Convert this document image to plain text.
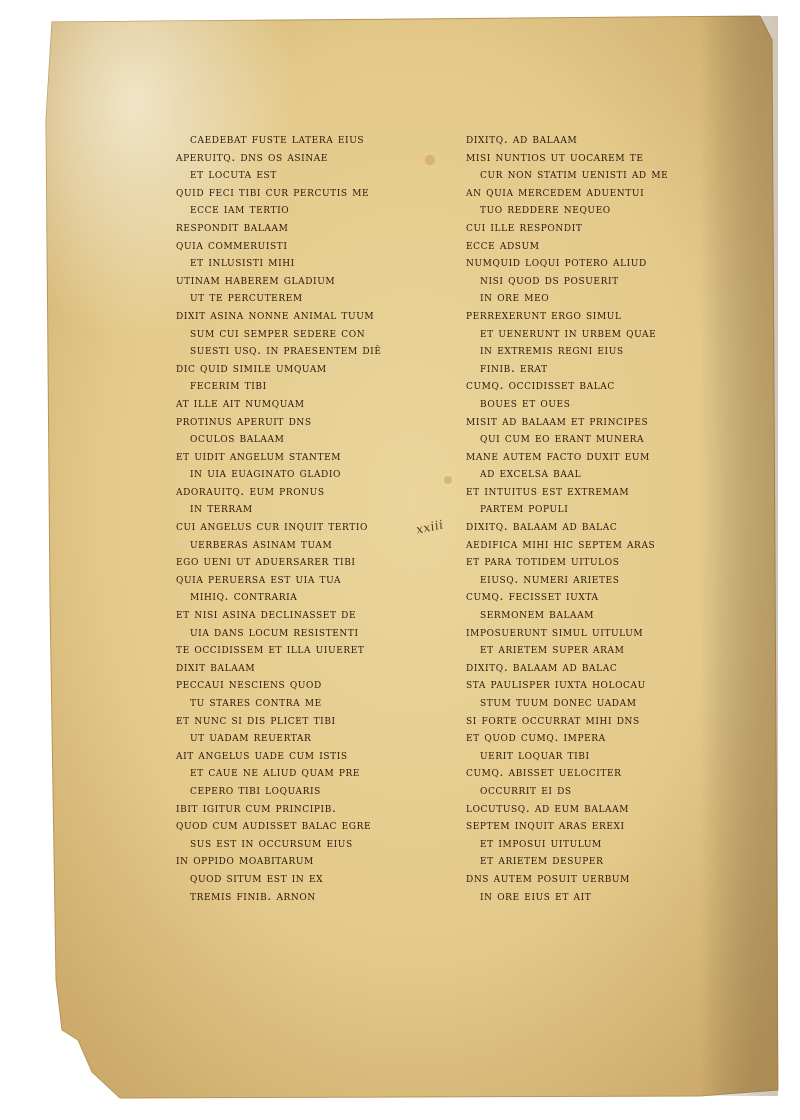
caedebat fuste latera eius
aperuitq. dns os asinae
et locuta est
quid feci tibi cur percutis me
ecce iam tertio
respondit balaam
quia commeruisti
et inlusisti mihi
utinam haberem gladium
ut te percuterem
dixit asina nonne animal tuum
sum cui semper sedere con
suesti usq. in praesentem diē
dic quid simile umquam
fecerim tibi
at ille ait numquam
protinus aperuit dns
oculos balaam
et uidit angelum stantem
in uia euaginato gladio
adorauitq. eum pronus
in terram
cui angelus cur inquit tertio
uerberas asinam tuam
ego ueni ut aduersarer tibi
quia peruersa est uia tua
mihiq. contraria
et nisi asina declinasset de
uia dans locum resistenti
te occidissem et illa uiueret
dixit balaam
peccaui nesciens quod
tu stares contra me
et nunc si dis plicet tibi
ut uadam reuertar
ait angelus uade cum istis
et caue ne aliud quam pre
cepero tibi loquaris
ibit igitur cum principib.
quod cum audisset balac egre
sus est in occursum eius
in oppido moabitarum
quod situm est in ex
tremis finib. arnon
dixitq. ad balaam
misi nuntios ut uocarem te
cur non statim uenisti ad me
an quia mercedem aduentui
tuo reddere nequeo
cui ille respondit
ecce adsum
numquid loqui potero aliud
nisi quod ds posuerit
in ore meo
perrexerunt ergo simul
et uenerunt in urbem quae
in extremis regni eius
finib. erat
cumq. occidisset balac
boues et oues
misit ad balaam et principes
qui cum eo erant munera
mane autem facto duxit eum
ad excelsa baal
et intuitus est extremam
partem populi
dixitq. balaam ad balac
aedifica mihi hic septem aras
et para totidem uitulos
eiusq. numeri arietes
cumq. fecisset iuxta
sermonem balaam
imposuerunt simul uitulum
et arietem super aram
dixitq. balaam ad balac
sta paulisper iuxta holocau
stum tuum donec uadam
si forte occurrat mihi dns
et quod cumq. impera
uerit loquar tibi
cumq. abisset uelociter
occurrit ei ds
locutusq. ad eum balaam
septem inquit aras erexi
et imposui uitulum
et arietem desuper
dns autem posuit uerbum
in ore eius et ait
xxiii
